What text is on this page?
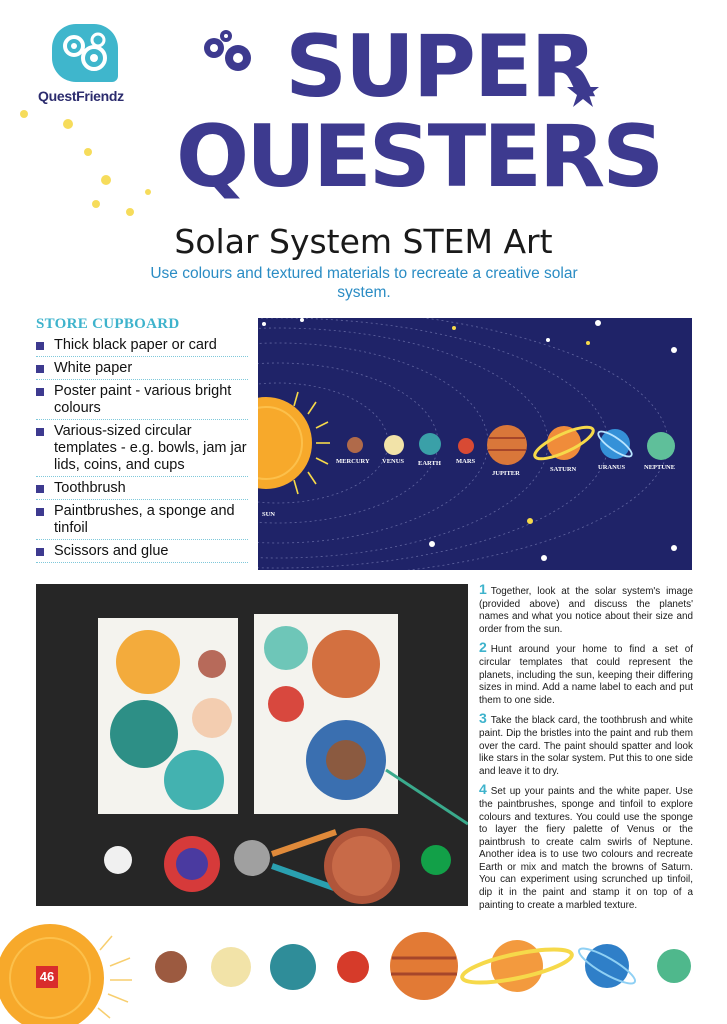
QuestFriendz	SUPER
QUESTERS
Solar System STEM Art
Use colours and textured materials to recreate a creative solar system.
STORE CUPBOARD
Thick black paper or card
White paper
Poster paint - various bright colours
Various-sized circular templates - e.g. bowls, jam jar lids, coins, and cups
Toothbrush
Paintbrushes, a sponge and tinfoil
Scissors and glue
SUN
MERCURY VENUS EARTH MARS
JUPITER
SATURN	URANUS	NEPTUNE

1 Together, look at the solar system's image (provided above) and discuss the planets' names and what you notice about their size and order from the sun.

2 Hunt around your home to find a set of circular templates that could represent the planets, including the sun, keeping their differing sizes in mind. Add a name label to each and put them to one side.

3 Take the black card, the toothbrush and white paint. Dip the bristles into the paint and rub them over the card. The paint should spatter and look like stars in the solar system. Put this to one side and leave it to dry.

4 Set up your paints and the white paper. Use the paintbrushes, sponge and tinfoil to explore colours and textures. You could use the sponge to layer the fiery palette of Venus or the paintbrush to create calm swirls of Neptune. Another idea is to use two colours and recreate Earth or mix and match the browns of Saturn. You can experiment using scrunched up tinfoil, dip it in the paint and stamp it on top of a painting to create a marbled texture.

46
